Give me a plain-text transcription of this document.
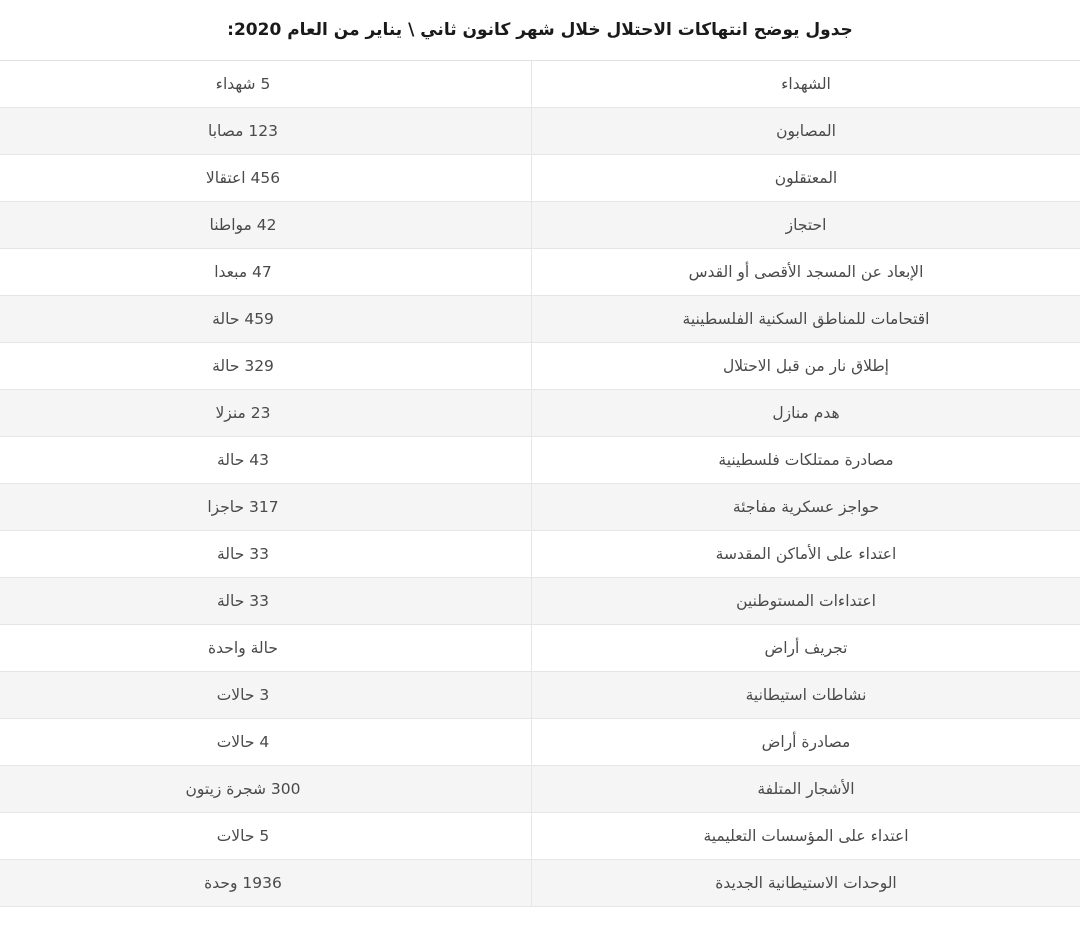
جدول يوضح انتهاكات الاحتلال خلال شهر كانون ثاني \ يناير من العام 2020:
الشهداء	5 شهداء
المصابون	123 مصابا
المعتقلون	456 اعتقالا
احتجاز	42 مواطنا
الإبعاد عن المسجد الأقصى أو القدس	47 مبعدا
اقتحامات للمناطق السكنية الفلسطينية	459 حالة
إطلاق نار من قبل الاحتلال	329 حالة
هدم منازل	23 منزلا
مصادرة ممتلكات فلسطينية	43 حالة
حواجز عسكرية مفاجئة	317 حاجزا
اعتداء على الأماكن المقدسة	33 حالة
اعتداءات المستوطنين	33 حالة
تجريف أراض	حالة واحدة
نشاطات استيطانية	3 حالات
مصادرة أراض	4 حالات
الأشجار المتلفة	300 شجرة زيتون
اعتداء على المؤسسات التعليمية	5 حالات
الوحدات الاستيطانية الجديدة	1936 وحدة
